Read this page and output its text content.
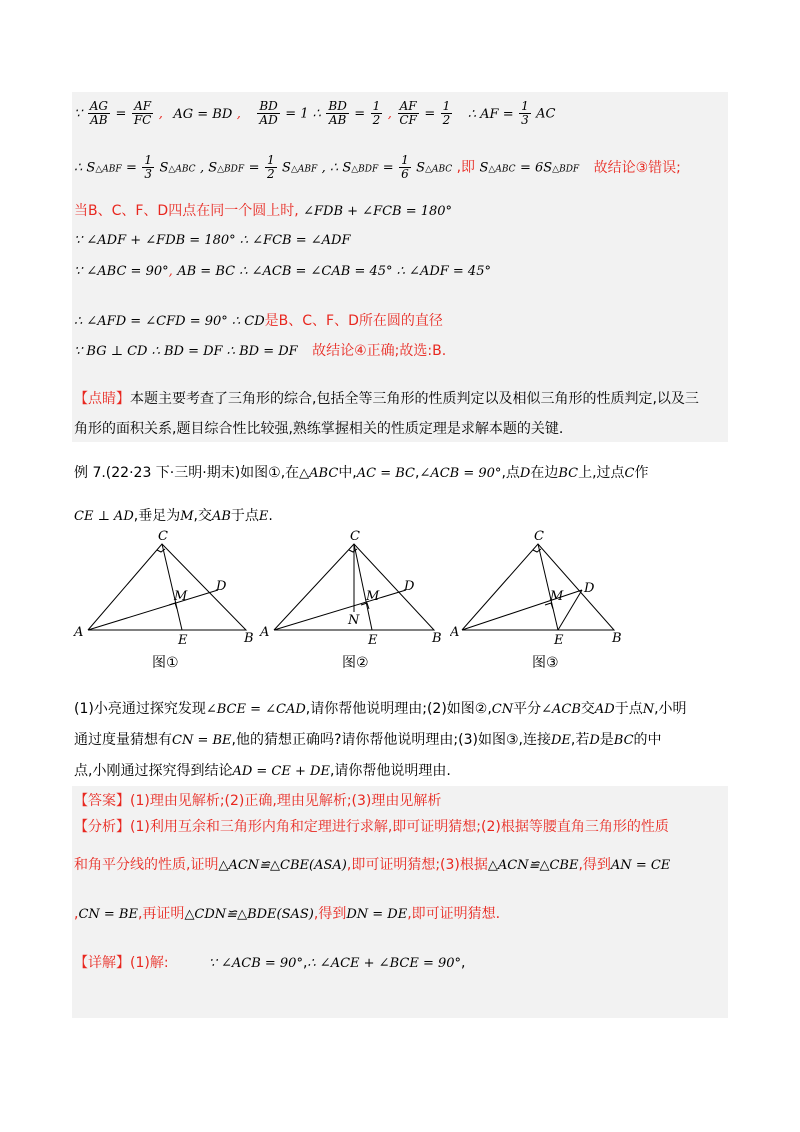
∵ $\frac{AG}{AB} = \frac{AF}{FC}$ , AG = BD , $\frac{BD}{AD} = 1$ ∴ $\frac{BD}{AB} = \frac{1}{2}$ , $\frac{AF}{CF} = \frac{1}{2}$ ∴ AF = $\frac{1}{3}$ AC
∴ S△ABF = $\frac{1}{3}$ S△ABC , S△BDF = $\frac{1}{2}$ S△ABF , ∴ S△BDF = $\frac{1}{6}$ S△ABC ,即 S△ABC = 6S△BDF 故结论③错误;
当B、C、F、D四点在同一个圆上时, ∠FDB + ∠FCB = 180°
∵ ∠ADF + ∠FDB = 180° ∴ ∠FCB = ∠ADF
∵ ∠ABC = 90°, AB = BC ∴ ∠ACB = ∠CAB = 45° ∴ ∠ADF = 45°
∴ ∠AFD = ∠CFD = 90° ∴ CD是B、C、F、D所在圆的直径
∵ BG ⊥ CD ∴ BD = DF ∴ BD = DF 故结论④正确;故选:B.
【点睛】本题主要考查了三角形的综合,包括全等三角形的性质判定以及相似三角形的性质判定,以及三
角形的面积关系,题目综合性比较强,熟练掌握相关的性质定理是求解本题的关键.
例 7.(22·23 下·三明·期末)如图①,在△ABC中,AC = BC,∠ACB = 90°,点D在边BC上,过点C作
CE ⊥ AD,垂足为M,交AB于点E.
C
D
M
A
E	B
图①
C
D
M
N
A
E	B
图②
C
D
M
A
E	B
图③
(1)小亮通过探究发现∠BCE = ∠CAD,请你帮他说明理由;(2)如图②,CN平分∠ACB交AD于点N,小明
通过度量猜想有CN = BE,他的猜想正确吗?请你帮他说明理由;(3)如图③,连接DE,若D是BC的中
点,小刚通过探究得到结论AD = CE + DE,请你帮他说明理由.
【答案】(1)理由见解析;(2)正确,理由见解析;(3)理由见解析
【分析】(1)利用互余和三角形内角和定理进行求解,即可证明猜想;(2)根据等腰直角三角形的性质
和角平分线的性质,证明△ACN≌△CBE(ASA),即可证明猜想;(3)根据△ACN≌△CBE,得到AN = CE
,CN = BE,再证明△CDN≌△BDE(SAS),得到DN = DE,即可证明猜想.
【详解】(1)解:	∵ ∠ACB = 90°,∴ ∠ACE + ∠BCE = 90°,
